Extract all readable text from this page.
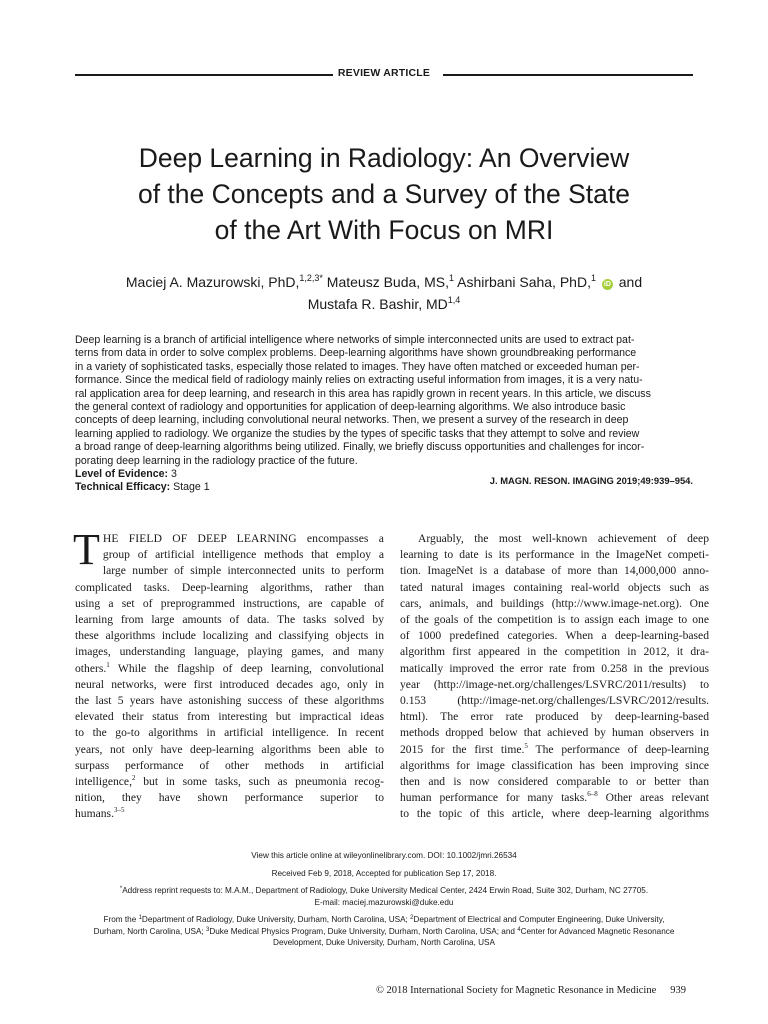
REVIEW ARTICLE
Deep Learning in Radiology: An Overview
of the Concepts and a Survey of the State
of the Art With Focus on MRI
Maciej A. Mazurowski, PhD,$^{1,2,3*}$ Mateusz Buda, MS,$^1$ Ashirbani Saha, PhD,$^1$ iD and
Mustafa R. Bashir, MD$^{1,4}$
Deep learning is a branch of artificial intelligence where networks of simple interconnected units are used to extract pat-
terns from data in order to solve complex problems. Deep-learning algorithms have shown groundbreaking performance
in a variety of sophisticated tasks, especially those related to images. They have often matched or exceeded human per-
formance. Since the medical field of radiology mainly relies on extracting useful information from images, it is a very natu-
ral application area for deep learning, and research in this area has rapidly grown in recent years. In this article, we discuss
the general context of radiology and opportunities for application of deep-learning algorithms. We also introduce basic
concepts of deep learning, including convolutional neural networks. Then, we present a survey of the research in deep
learning applied to radiology. We organize the studies by the types of specific tasks that they attempt to solve and review
a broad range of deep-learning algorithms being utilized. Finally, we briefly discuss opportunities and challenges for incor-
porating deep learning in the radiology practice of the future.
Level of Evidence: 3
Technical Efficacy: Stage 1
J. MAGN. RESON. IMAGING 2019;49:939–954.
T HE FIELD OF DEEP LEARNING encompasses a
group of artificial intelligence methods that employ a
large number of simple interconnected units to perform
complicated tasks. Deep-learning algorithms, rather than
using a set of preprogrammed instructions, are capable of
learning from large amounts of data. The tasks solved by
these algorithms include localizing and classifying objects in
images, understanding language, playing games, and many
others.$^1$ While the flagship of deep learning, convolutional
neural networks, were first introduced decades ago, only in
the last 5 years have astonishing success of these algorithms
elevated their status from interesting but impractical ideas
to the go-to algorithms in artificial intelligence. In recent
years, not only have deep-learning algorithms been able to
surpass performance of other methods in artificial
intelligence,$^2$ but in some tasks, such as pneumonia recog-
nition, they have shown performance superior to
humans.$^{3-5}$
Arguably, the most well-known achievement of deep
learning to date is its performance in the ImageNet competi-
tion. ImageNet is a database of more than 14,000,000 anno-
tated natural images containing real-world objects such as
cars, animals, and buildings (http://www.image-net.org). One
of the goals of the competition is to assign each image to one
of 1000 predefined categories. When a deep-learning-based
algorithm first appeared in the competition in 2012, it dra-
matically improved the error rate from 0.258 in the previous
year (http://image-net.org/challenges/LSVRC/2011/results) to
0.153 (http://image-net.org/challenges/LSVRC/2012/results.
html). The error rate produced by deep-learning-based
methods dropped below that achieved by human observers in
2015 for the first time.$^5$ The performance of deep-learning
algorithms for image classification has been improving since
then and is now considered comparable to or better than
human performance for many tasks.$^{6-8}$ Other areas relevant
to the topic of this article, where deep-learning algorithms

View this article online at wileyonlinelibrary.com. DOI: 10.1002/jmri.26534

Received Feb 9, 2018, Accepted for publication Sep 17, 2018.

*Address reprint requests to: M.A.M., Department of Radiology, Duke University Medical Center, 2424 Erwin Road, Suite 302, Durham, NC 27705.
E-mail: maciej.mazurowski@duke.edu

From the $^1$Department of Radiology, Duke University, Durham, North Carolina, USA; $^2$Department of Electrical and Computer Engineering, Duke University,
Durham, North Carolina, USA; $^3$Duke Medical Physics Program, Duke University, Durham, North Carolina, USA; and $^4$Center for Advanced Magnetic Resonance
Development, Duke University, Durham, North Carolina, USA

© 2018 International Society for Magnetic Resonance in Medicine 939
